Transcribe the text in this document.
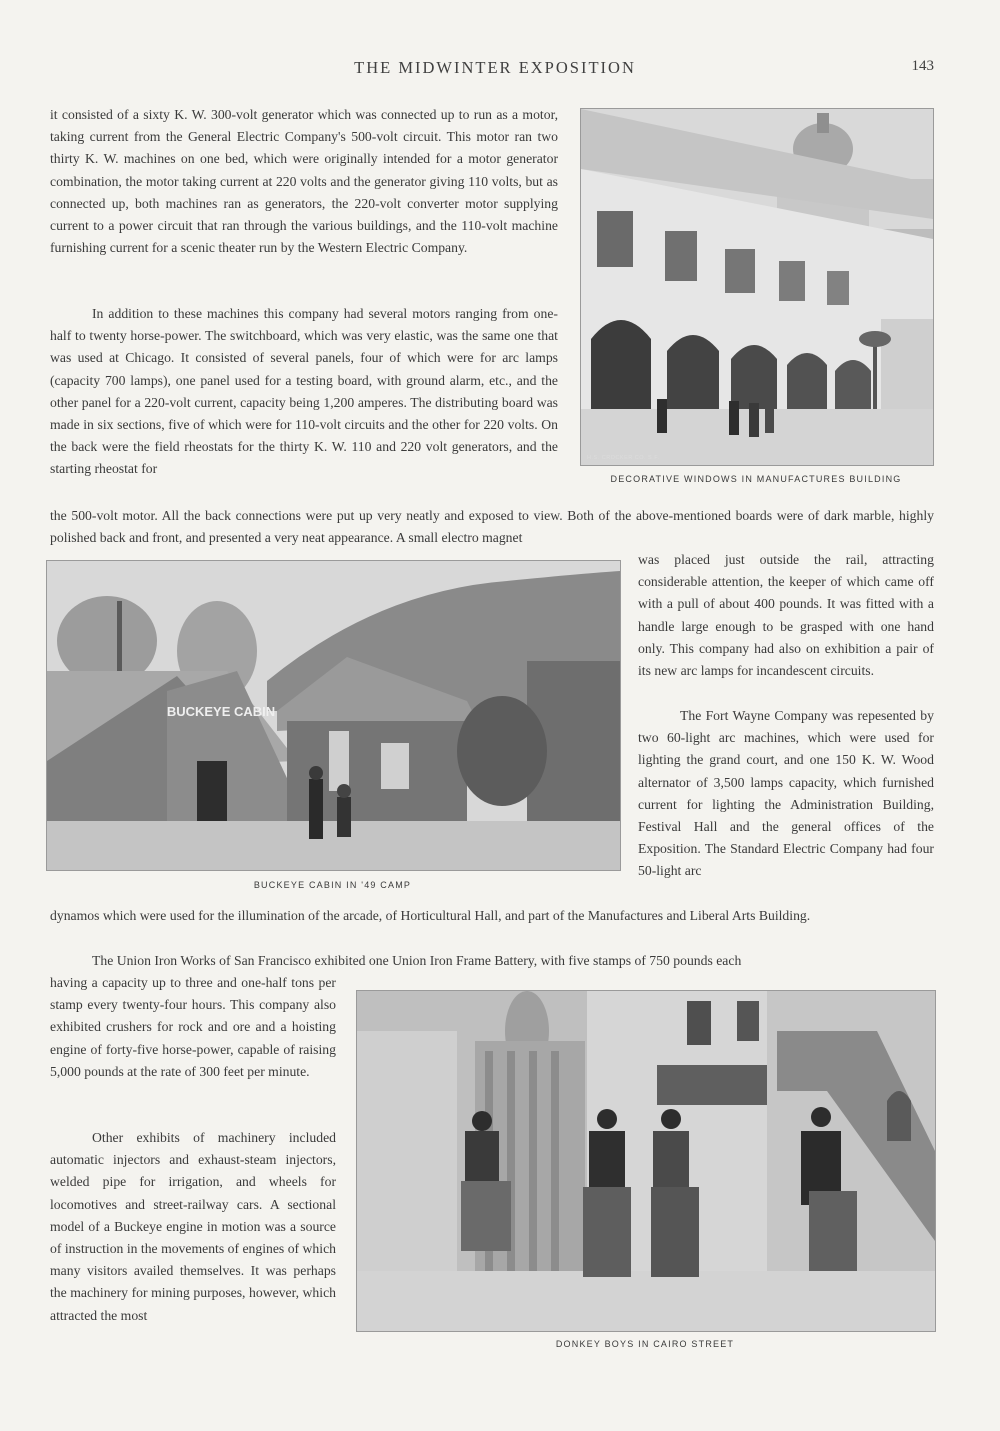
THE MIDWINTER EXPOSITION	143

it consisted of a sixty K. W. 300-volt generator which was connected up to run as a motor, taking current from the General Electric Company's 500-volt circuit. This motor ran two thirty K. W. machines on one bed, which were originally intended for a motor generator combination, the motor taking current at 220 volts and the generator giving 110 volts, but as connected up, both machines ran as generators, the 220-volt converter motor supplying current to a power circuit that ran through the various buildings, and the 110-volt machine furnishing current for a scenic theater run by the Western Electric Company.

In addition to these machines this company had several motors ranging from one-half to twenty horse-power. The switchboard, which was very elastic, was the same one that was used at Chicago. It consisted of several panels, four of which were for arc lamps (capacity 700 lamps), one panel used for a testing board, with ground alarm, etc., and the other panel for a 220-volt current, capacity being 1,200 amperes. The distributing board was made in six sections, five of which were for 110-volt circuits and the other for 220 volts. On the back were the field rheostats for the thirty K. W. 110 and 220 volt generators, and the starting rheostat for

the 500-volt motor. All the back connections were put up very neatly and exposed to view. Both of the above-mentioned boards were of dark marble, highly polished back and front, and presented a very neat appearance. A small electro magnet

was placed just outside the rail, attracting considerable attention, the keeper of which came off with a pull of about 400 pounds. It was fitted with a handle large enough to be grasped with one hand only. This company had also on exhibition a pair of its new arc lamps for incandescent circuits.

The Fort Wayne Company was repesented by two 60-light arc machines, which were used for lighting the grand court, and one 150 K. W. Wood alternator of 3,500 lamps capacity, which furnished current for lighting the Administration Building, Festival Hall and the general offices of the Exposition. The Standard Electric Company had four 50-light arc

dynamos which were used for the illumination of the arcade, of Horticultural Hall, and part of the Manufactures and Liberal Arts Building.

The Union Iron Works of San Francisco exhibited one Union Iron Frame Battery, with five stamps of 750 pounds each

having a capacity up to three and one-half tons per stamp every twenty-four hours. This company also exhibited crushers for rock and ore and a hoisting engine of forty-five horse-power, capable of raising 5,000 pounds at the rate of 300 feet per minute.

Other exhibits of machinery included automatic injectors and exhaust-steam injectors, welded pipe for irrigation, and wheels for locomotives and street-railway cars. A sectional model of a Buckeye engine in motion was a source of instruction in the movements of engines of which many visitors availed themselves. It was perhaps the machinery for mining purposes, however, which attracted the most

H.S. CROCKER CO. S.F.
DECORATIVE WINDOWS IN MANUFACTURES BUILDING
BUCKEYE CABIN
BUCKEYE CABIN IN '49 CAMP
DONKEY BOYS IN CAIRO STREET
